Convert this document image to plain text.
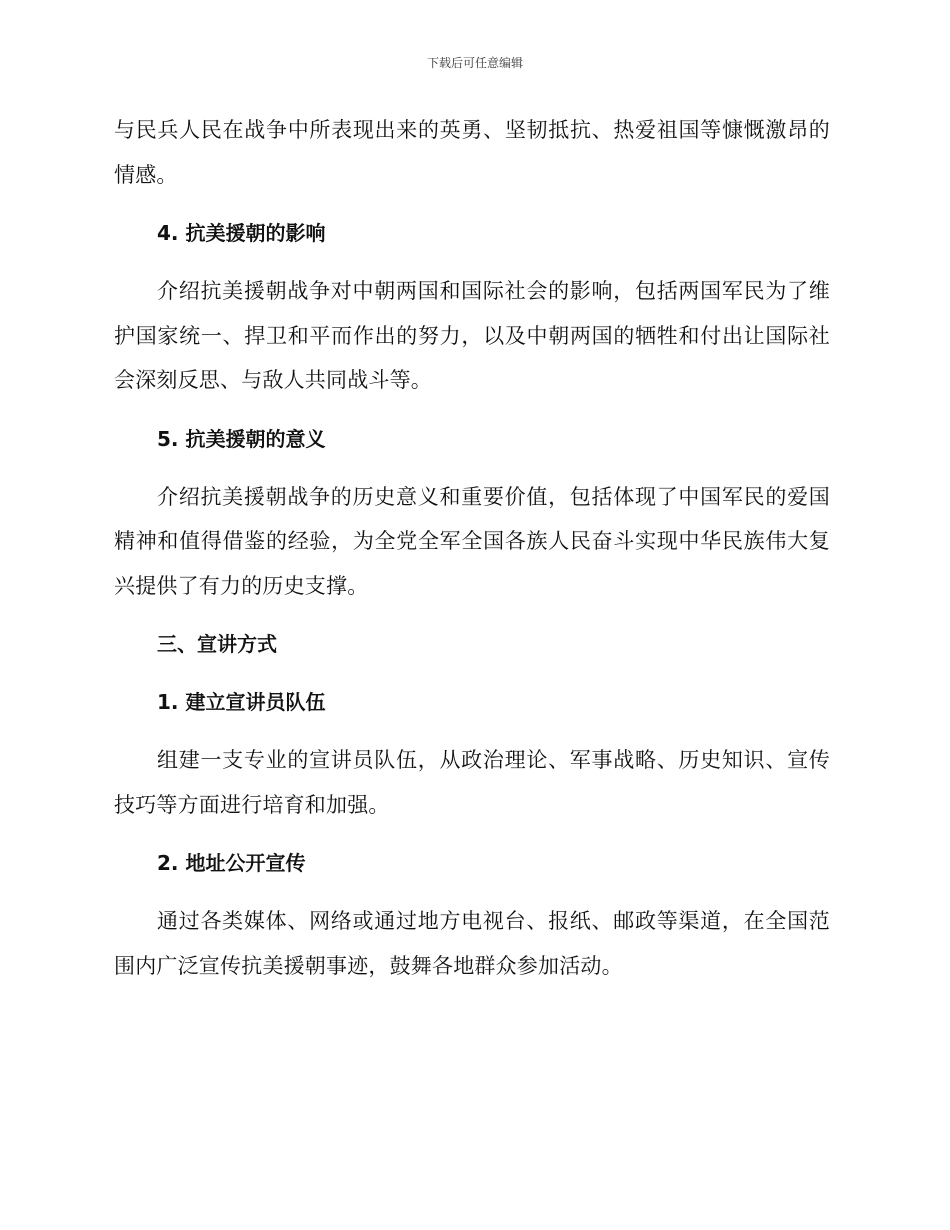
下载后可任意编辑

与民兵人民在战争中所表现出来的英勇、坚韧抵抗、热爱祖国等慷慨激昂的情感。

4. 抗美援朝的影响

介绍抗美援朝战争对中朝两国和国际社会的影响，包括两国军民为了维护国家统一、捍卫和平而作出的努力，以及中朝两国的牺牲和付出让国际社会深刻反思、与敌人共同战斗等。

5. 抗美援朝的意义

介绍抗美援朝战争的历史意义和重要价值，包括体现了中国军民的爱国精神和值得借鉴的经验，为全党全军全国各族人民奋斗实现中华民族伟大复兴提供了有力的历史支撑。

三、宣讲方式

1. 建立宣讲员队伍

组建一支专业的宣讲员队伍，从政治理论、军事战略、历史知识、宣传技巧等方面进行培育和加强。

2. 地址公开宣传

通过各类媒体、网络或通过地方电视台、报纸、邮政等渠道，在全国范围内广泛宣传抗美援朝事迹，鼓舞各地群众参加活动。
